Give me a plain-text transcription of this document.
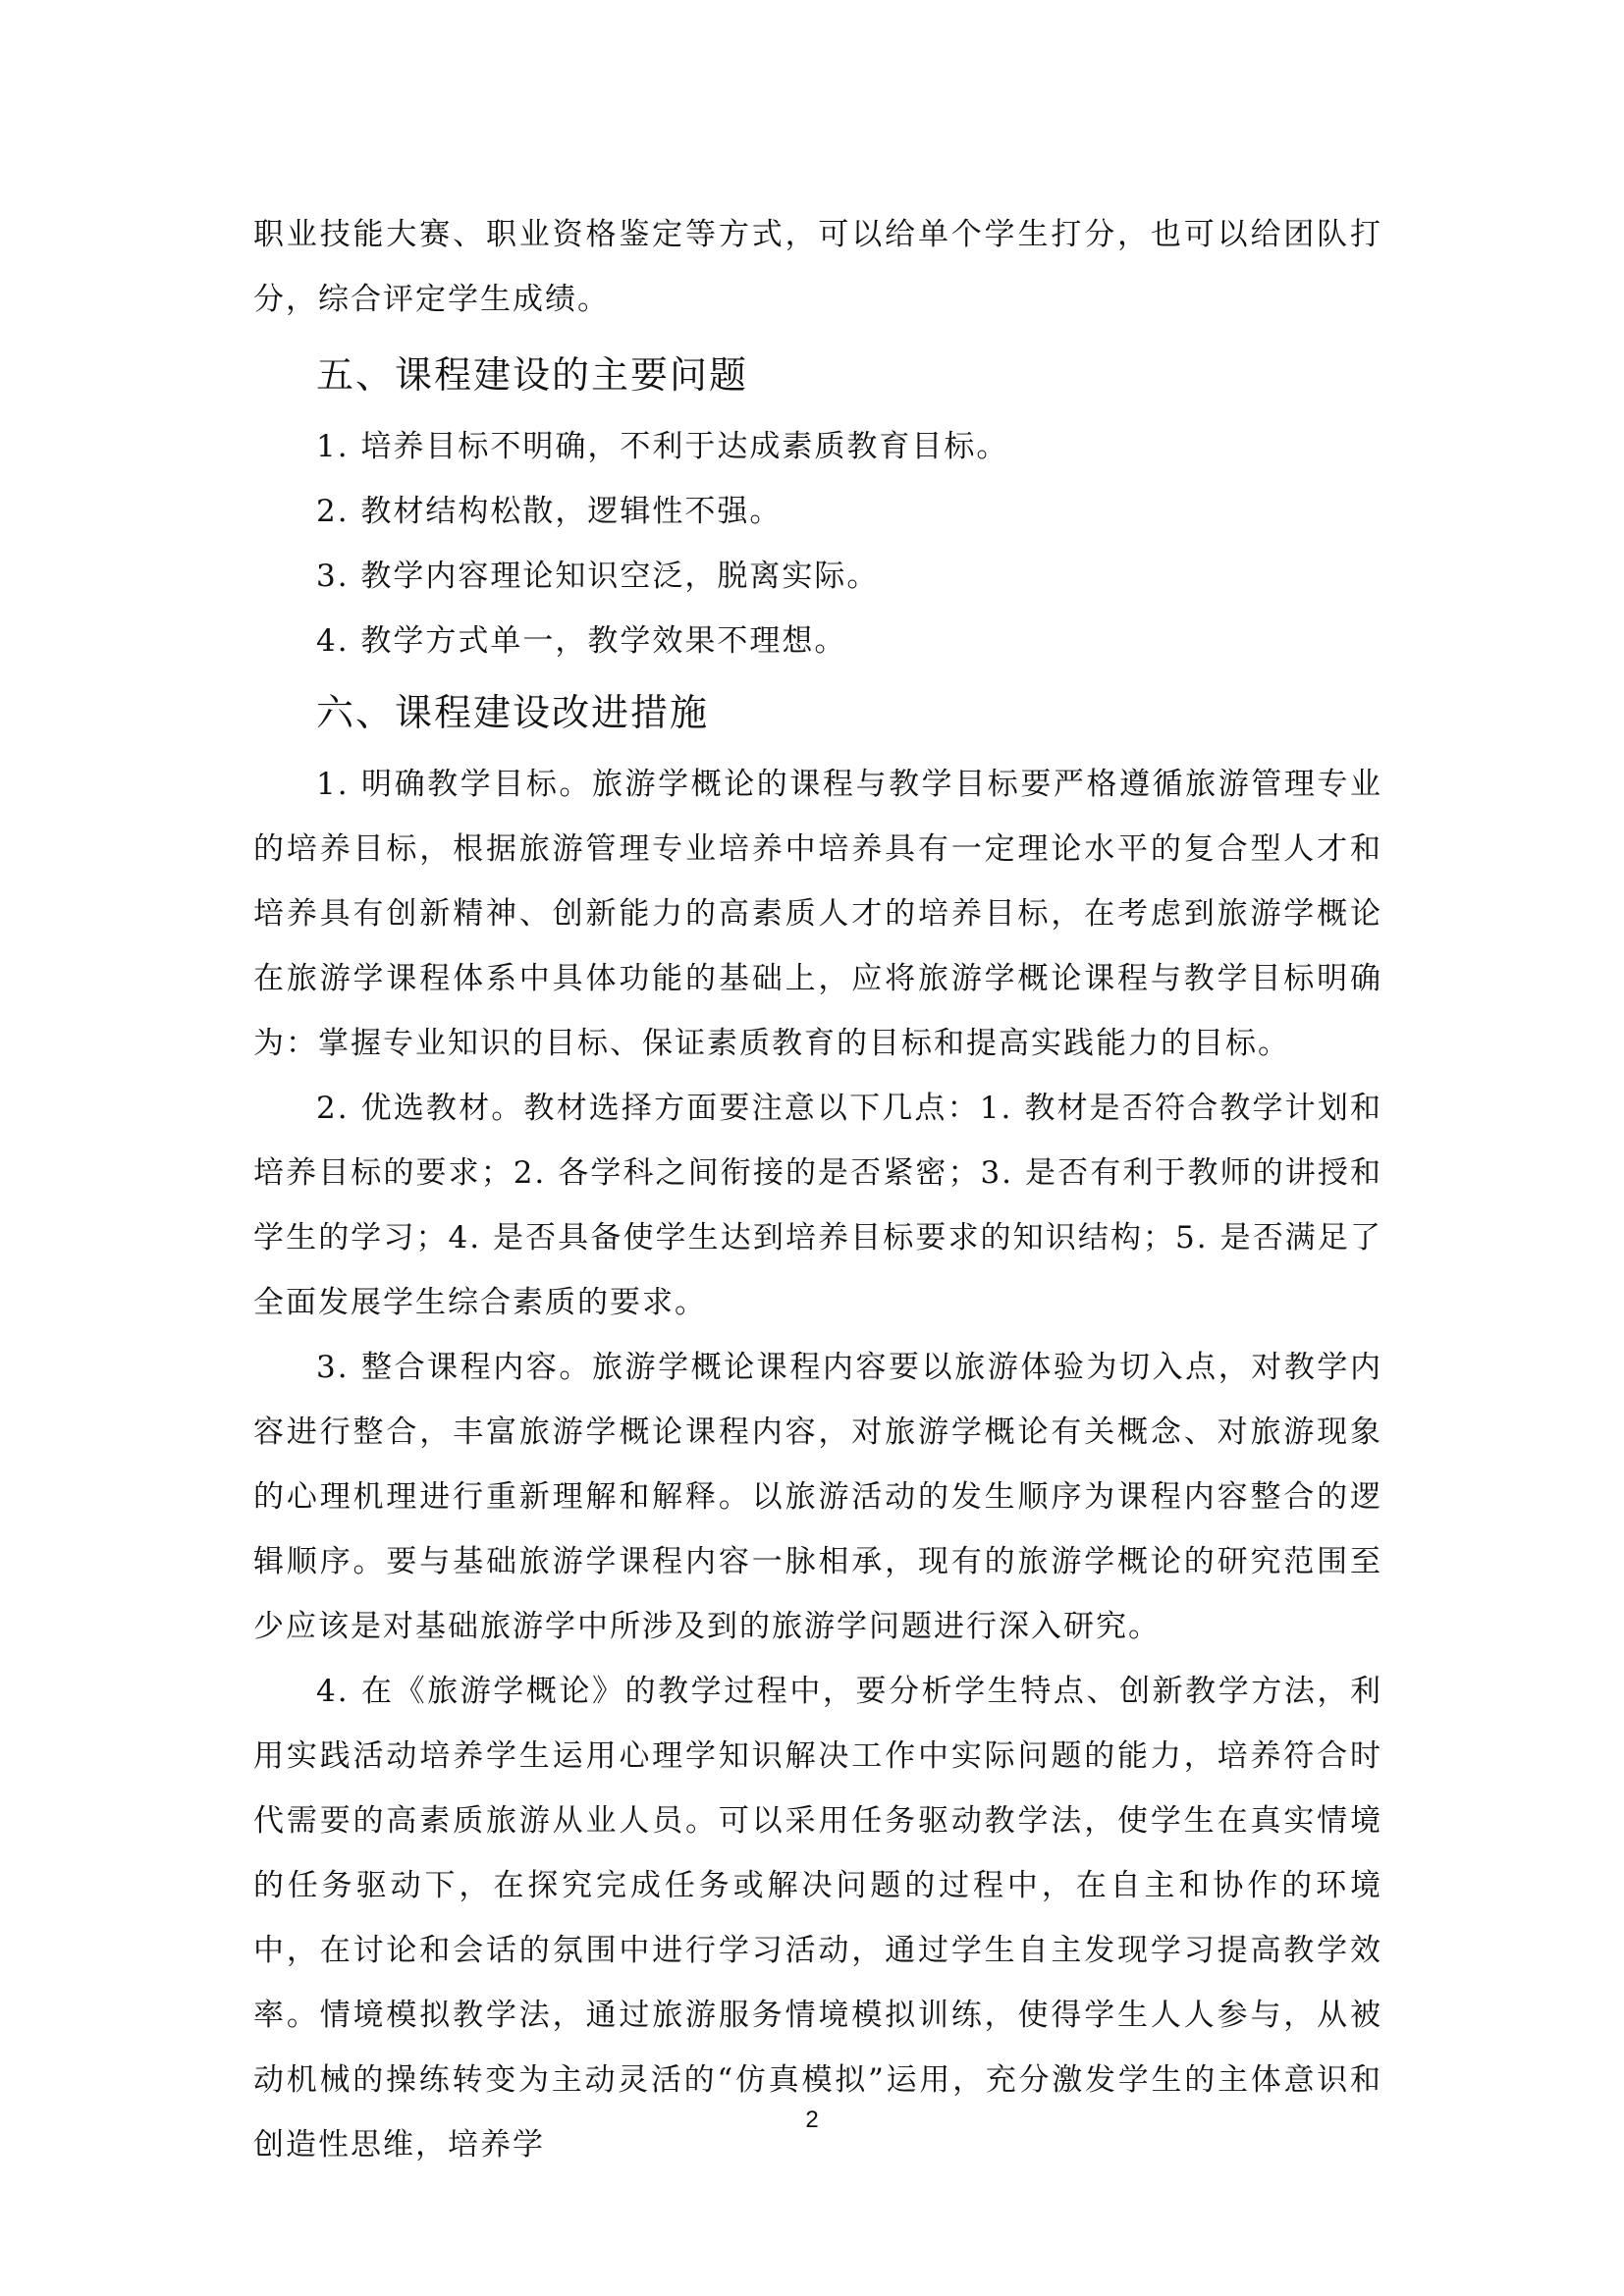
职业技能大赛、职业资格鉴定等方式，可以给单个学生打分，也可以给团队打分，综合评定学生成绩。

五、课程建设的主要问题

1. 培养目标不明确，不利于达成素质教育目标。

2. 教材结构松散，逻辑性不强。

3. 教学内容理论知识空泛，脱离实际。

4. 教学方式单一，教学效果不理想。

六、课程建设改进措施

1. 明确教学目标。旅游学概论的课程与教学目标要严格遵循旅游管理专业的培养目标，根据旅游管理专业培养中培养具有一定理论水平的复合型人才和培养具有创新精神、创新能力的高素质人才的培养目标，在考虑到旅游学概论在旅游学课程体系中具体功能的基础上，应将旅游学概论课程与教学目标明确为：掌握专业知识的目标、保证素质教育的目标和提高实践能力的目标。

2. 优选教材。教材选择方面要注意以下几点：1. 教材是否符合教学计划和培养目标的要求；2. 各学科之间衔接的是否紧密；3. 是否有利于教师的讲授和学生的学习；4. 是否具备使学生达到培养目标要求的知识结构；5. 是否满足了全面发展学生综合素质的要求。

3. 整合课程内容。旅游学概论课程内容要以旅游体验为切入点，对教学内容进行整合，丰富旅游学概论课程内容，对旅游学概论有关概念、对旅游现象的心理机理进行重新理解和解释。以旅游活动的发生顺序为课程内容整合的逻辑顺序。要与基础旅游学课程内容一脉相承，现有的旅游学概论的研究范围至少应该是对基础旅游学中所涉及到的旅游学问题进行深入研究。

4. 在《旅游学概论》的教学过程中，要分析学生特点、创新教学方法，利用实践活动培养学生运用心理学知识解决工作中实际问题的能力，培养符合时代需要的高素质旅游从业人员。可以采用任务驱动教学法，使学生在真实情境的任务驱动下，在探究完成任务或解决问题的过程中，在自主和协作的环境中，在讨论和会话的氛围中进行学习活动，通过学生自主发现学习提高教学效率。情境模拟教学法，通过旅游服务情境模拟训练，使得学生人人参与，从被动机械的操练转变为主动灵活的“仿真模拟”运用，充分激发学生的主体意识和创造性思维，培养学

2
